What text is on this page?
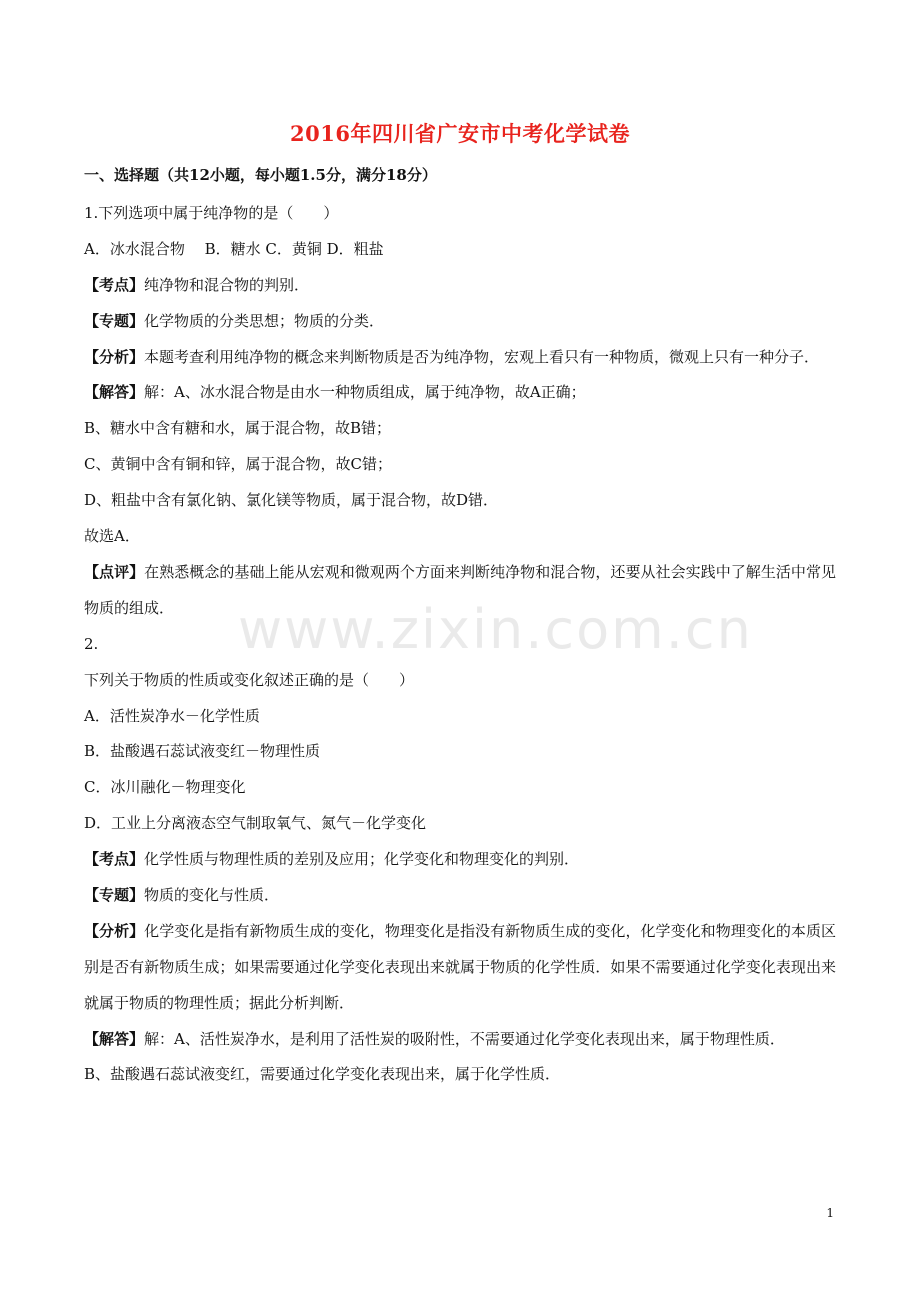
2016年四川省广安市中考化学试卷
一、选择题（共12小题，每小题1.5分，满分18分）
1.下列选项中属于纯净物的是（　　）
A．冰水混合物　 B．糖水 C．黄铜 D．粗盐
【考点】纯净物和混合物的判别．
【专题】化学物质的分类思想；物质的分类．
【分析】本题考查利用纯净物的概念来判断物质是否为纯净物，宏观上看只有一种物质，微观上只有一种分子．
【解答】解：A、冰水混合物是由水一种物质组成，属于纯净物，故A正确；
B、糖水中含有糖和水，属于混合物，故B错；
C、黄铜中含有铜和锌，属于混合物，故C错；
D、粗盐中含有氯化钠、氯化镁等物质，属于混合物，故D错．
故选A．
【点评】在熟悉概念的基础上能从宏观和微观两个方面来判断纯净物和混合物，还要从社会实践中了解生活中常见物质的组成．
2.
下列关于物质的性质或变化叙述正确的是（　　）
A．活性炭净水－化学性质
B．盐酸遇石蕊试液变红－物理性质
C．冰川融化－物理变化
D．工业上分离液态空气制取氧气、氮气－化学变化
【考点】化学性质与物理性质的差别及应用；化学变化和物理变化的判别．
【专题】物质的变化与性质．
【分析】化学变化是指有新物质生成的变化，物理变化是指没有新物质生成的变化，化学变化和物理变化的本质区别是否有新物质生成；如果需要通过化学变化表现出来就属于物质的化学性质．如果不需要通过化学变化表现出来就属于物质的物理性质；据此分析判断．
【解答】解：A、活性炭净水，是利用了活性炭的吸附性，不需要通过化学变化表现出来，属于物理性质．
B、盐酸遇石蕊试液变红，需要通过化学变化表现出来，属于化学性质．
www.zixin.com.cn
1
